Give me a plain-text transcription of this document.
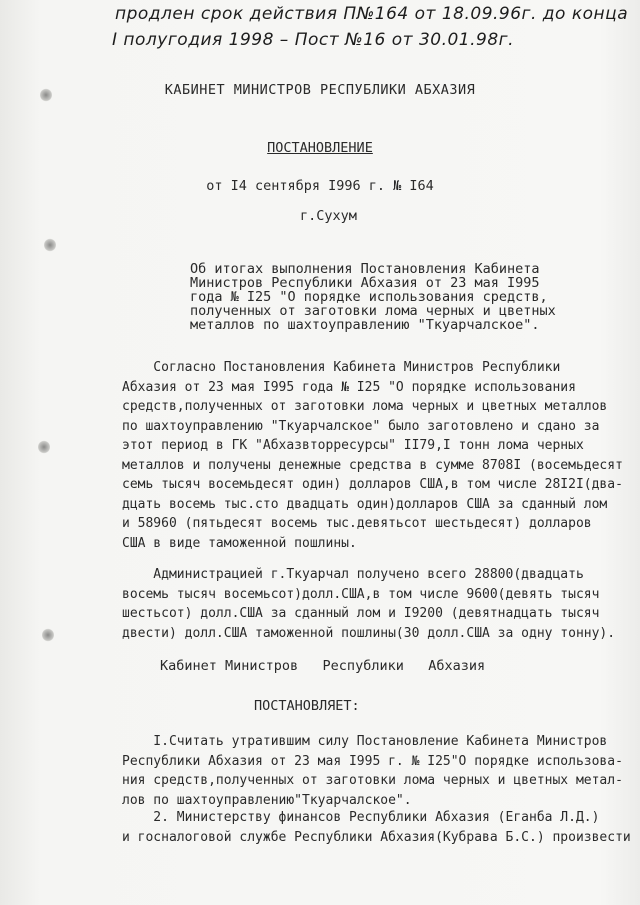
продлен срок действия П№164 от 18.09.96г. до конца
I полугодия 1998 – Пост №16 от 30.01.98г.
КАБИНЕТ МИНИСТРОВ РЕСПУБЛИКИ АБХАЗИЯ
ПОСТАНОВЛЕНИЕ
от I4 сентября I996 г. № I64
г.Сухум
Об итогах выполнения Постановления Кабинета
Министров Республики Абхазия от 23 мая I995
года № I25 "О порядке использования средств,
полученных от заготовки лома черных и цветных
металлов по шахтоуправлению "Ткуарчалское".
Согласно Постановления Кабинета Министров Республики
Абхазия от 23 мая I995 года № I25 "О порядке использования
средств,полученных от заготовки лома черных и цветных металлов
по шахтоуправлению "Ткуарчалское" было заготовлено и сдано за
этот период в ГК "Абхазвторресурсы" II79,I тонн лома черных
металлов и получены денежные средства в сумме 8708I (восемьдесят
семь тысяч восемьдесят один) долларов США,в том числе 28I2I(два-
дцать восемь тыс.сто двадцать один)долларов США за сданный лом
и 58960 (пятьдесят восемь тыс.девятьсот шестьдесят) долларов
США в виде таможенной пошлины.
Администрацией г.Ткуарчал получено всего 28800(двадцать
восемь тысяч восемьсот)долл.США,в том числе 9600(девять тысяч
шестьсот) долл.США за сданный лом и I9200 (девятнадцать тысяч
двести) долл.США таможенной пошлины(30 долл.США за одну тонну).
Кабинет Министров   Республики   Абхазия
ПОСТАНОВЛЯЕТ:
I.Считать утратившим силу Постановление Кабинета Министров
Республики Абхазия от 23 мая I995 г. № I25"О порядке использова-
ния средств,полученных от заготовки лома черных и цветных метал-
лов по шахтоуправлению"Ткуарчалское".
2. Министерству финансов Республики Абхазия (Еганба Л.Д.)
и госналоговой службе Республики Абхазия(Кубрава Б.С.) произвести
